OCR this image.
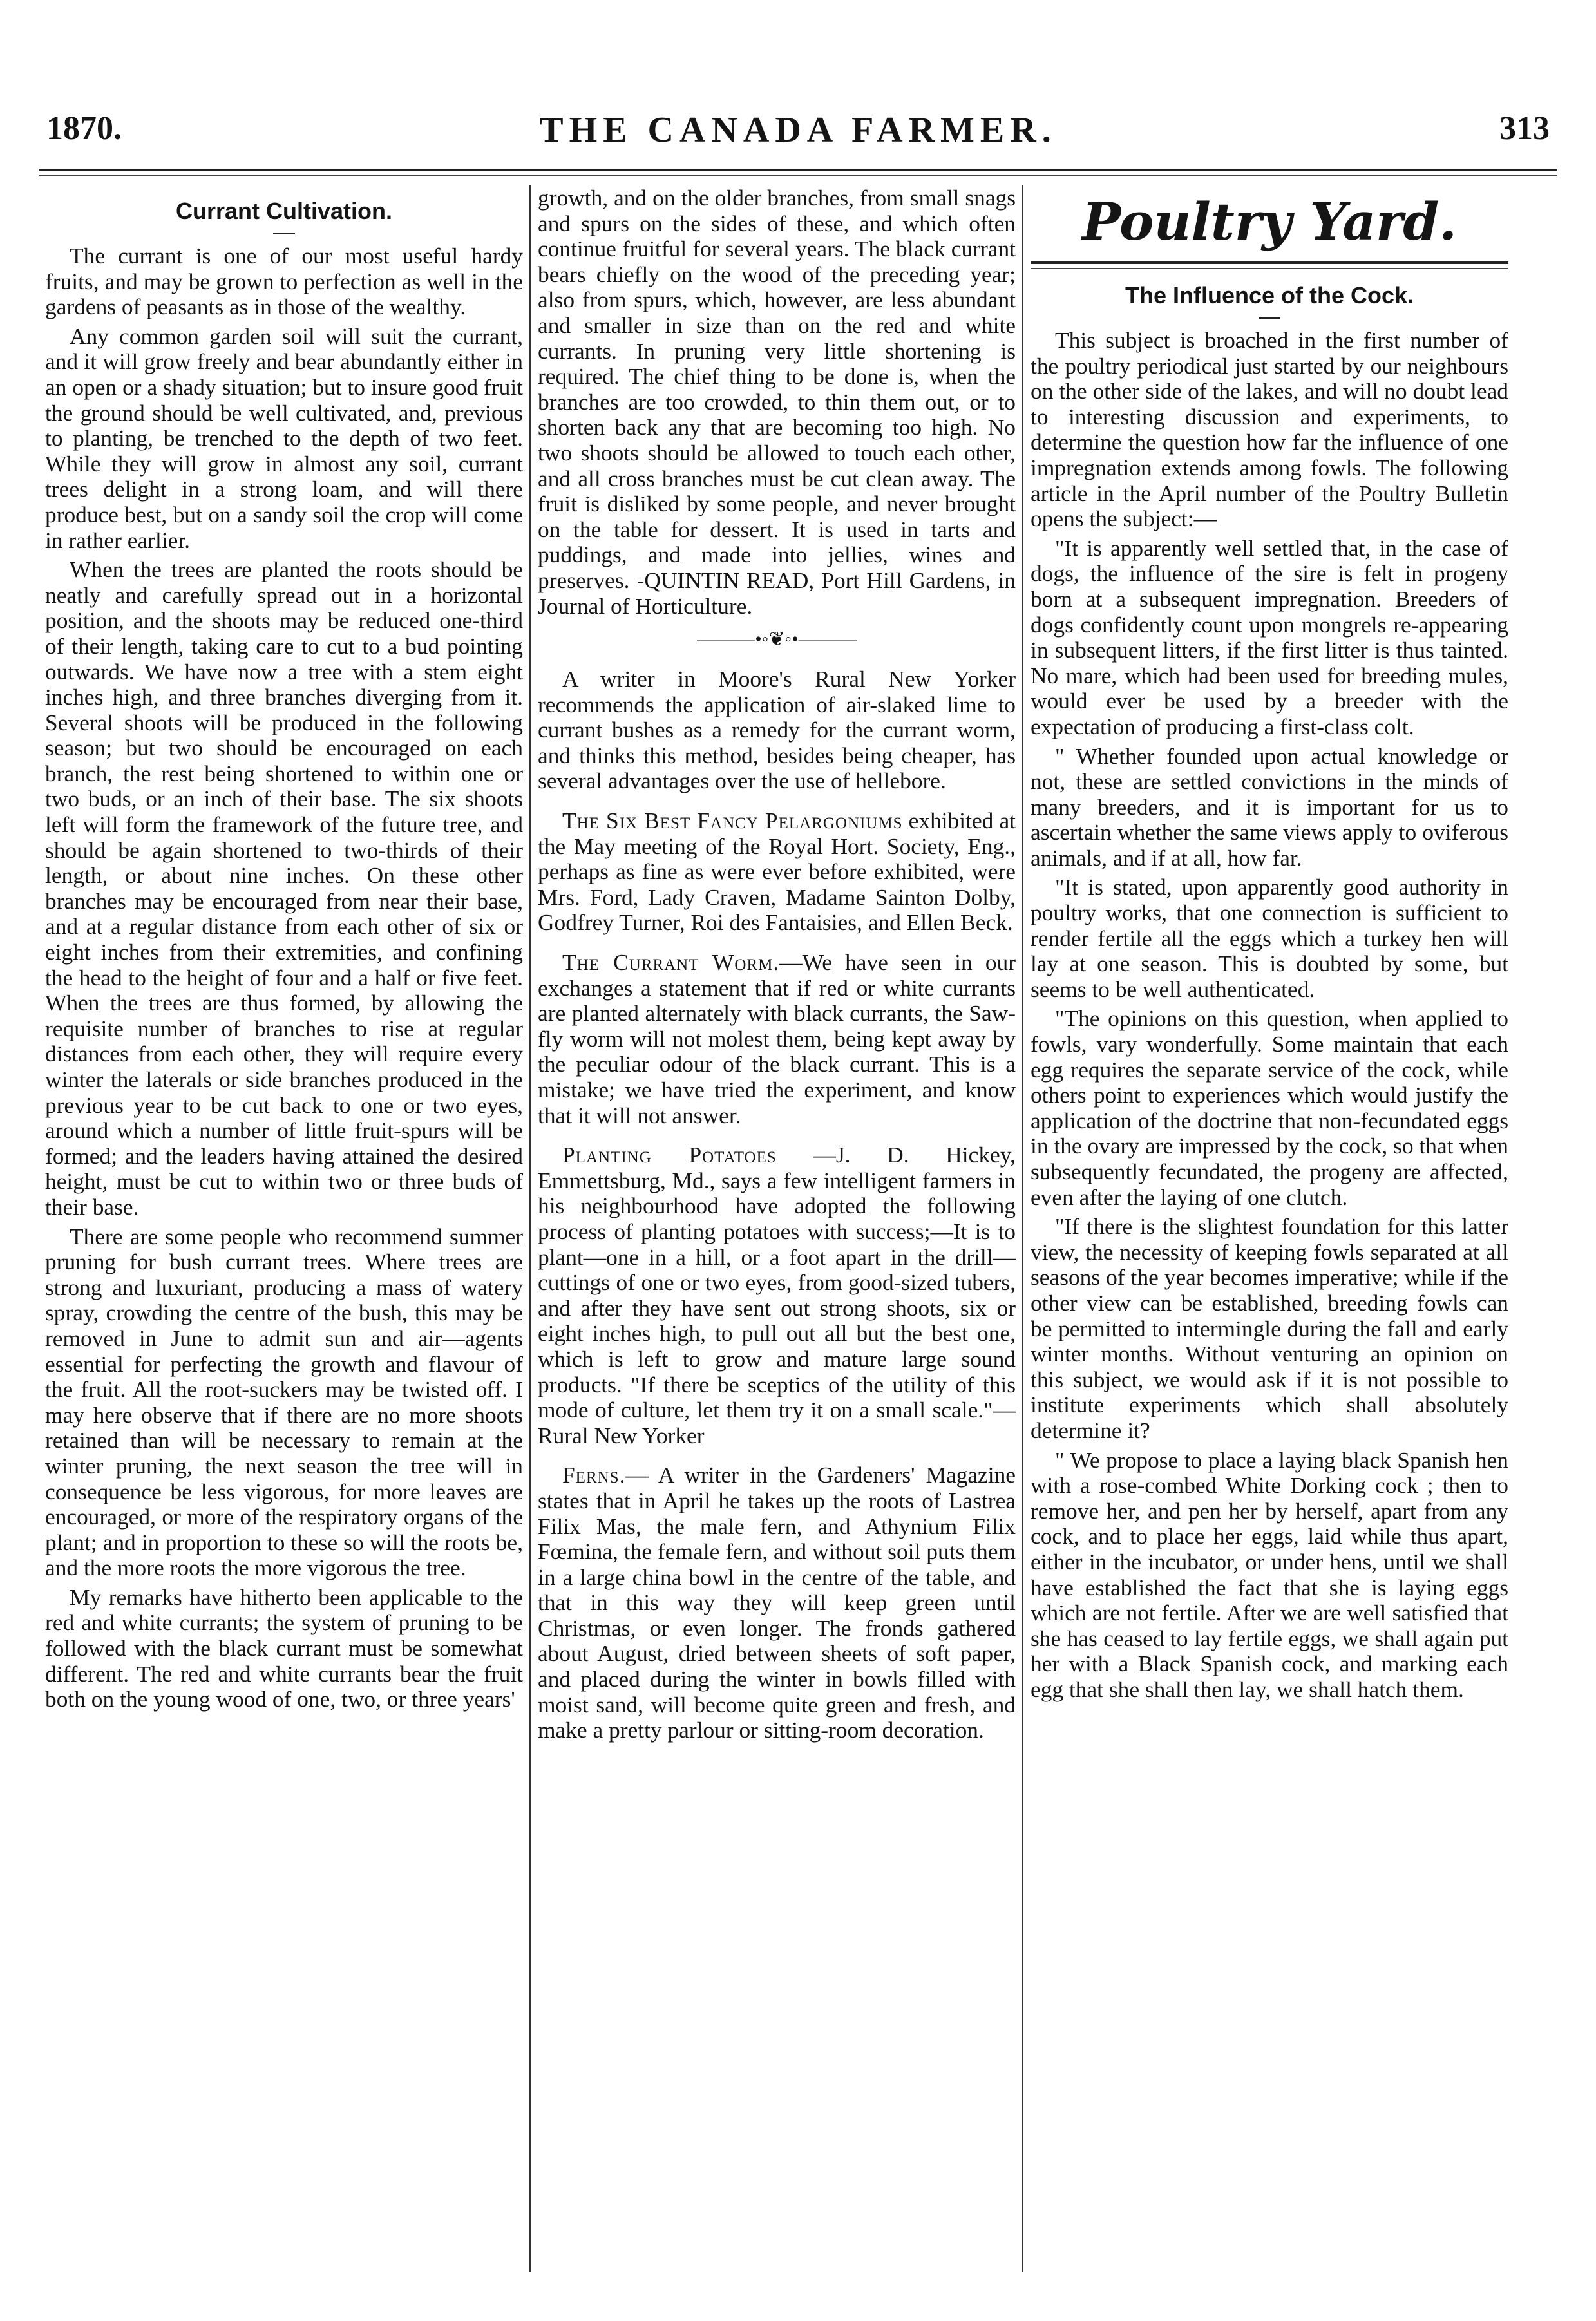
1870.	THE CANADA FARMER.	313
Currant Cultivation.

The currant is one of our most useful hardy fruits, and may be grown to perfection as well in the gardens of peasants as in those of the wealthy.

Any common garden soil will suit the currant, and it will grow freely and bear abundantly either in an open or a shady situation; but to insure good fruit the ground should be well cultivated, and, previous to planting, be trenched to the depth of two feet. While they will grow in almost any soil, currant trees delight in a strong loam, and will there produce best, but on a sandy soil the crop will come in rather earlier.

When the trees are planted the roots should be neatly and carefully spread out in a horizontal position, and the shoots may be reduced one-third of their length, taking care to cut to a bud pointing outwards. We have now a tree with a stem eight inches high, and three branches diverging from it. Several shoots will be produced in the following season; but two should be encouraged on each branch, the rest being shortened to within one or two buds, or an inch of their base. The six shoots left will form the framework of the future tree, and should be again shortened to two-thirds of their length, or about nine inches. On these other branches may be encouraged from near their base, and at a regular distance from each other of six or eight inches from their extremities, and confining the head to the height of four and a half or five feet. When the trees are thus formed, by allowing the requisite number of branches to rise at regular distances from each other, they will require every winter the laterals or side branches produced in the previous year to be cut back to one or two eyes, around which a number of little fruit-spurs will be formed; and the leaders having attained the desired height, must be cut to within two or three buds of their base.

There are some people who recommend summer pruning for bush currant trees. Where trees are strong and luxuriant, producing a mass of watery spray, crowding the centre of the bush, this may be removed in June to admit sun and air—agents essential for perfecting the growth and flavour of the fruit. All the root-suckers may be twisted off. I may here observe that if there are no more shoots retained than will be necessary to remain at the winter pruning, the next season the tree will in consequence be less vigorous, for more leaves are encouraged, or more of the respiratory organs of the plant; and in proportion to these so will the roots be, and the more roots the more vigorous the tree.

My remarks have hitherto been applicable to the red and white currants; the system of pruning to be followed with the black currant must be somewhat different. The red and white currants bear the fruit both on the young wood of one, two, or three years'

growth, and on the older branches, from small snags and spurs on the sides of these, and which often continue fruitful for several years. The black currant bears chiefly on the wood of the preceding year; also from spurs, which, however, are less abundant and smaller in size than on the red and white currants. In pruning very little shortening is required. The chief thing to be done is, when the branches are too crowded, to thin them out, or to shorten back any that are becoming too high. No two shoots should be allowed to touch each other, and all cross branches must be cut clean away. The fruit is disliked by some people, and never brought on the table for dessert. It is used in tarts and puddings, and made into jellies, wines and preserves. -QUINTIN READ, Port Hill Gardens, in Journal of Horticulture.

———•◦❦◦•———

A writer in Moore's Rural New Yorker recommends the application of air-slaked lime to currant bushes as a remedy for the currant worm, and thinks this method, besides being cheaper, has several advantages over the use of hellebore.

The Six Best Fancy Pelargoniums exhibited at the May meeting of the Royal Hort. Society, Eng., perhaps as fine as were ever before exhibited, were Mrs. Ford, Lady Craven, Madame Sainton Dolby, Godfrey Turner, Roi des Fantaisies, and Ellen Beck.

The Currant Worm.—We have seen in our exchanges a statement that if red or white currants are planted alternately with black currants, the Saw-fly worm will not molest them, being kept away by the peculiar odour of the black currant. This is a mistake; we have tried the experiment, and know that it will not answer.

Planting Potatoes —J. D. Hickey, Emmettsburg, Md., says a few intelligent farmers in his neighbourhood have adopted the following process of planting potatoes with success;—It is to plant—one in a hill, or a foot apart in the drill—cuttings of one or two eyes, from good-sized tubers, and after they have sent out strong shoots, six or eight inches high, to pull out all but the best one, which is left to grow and mature large sound products. "If there be sceptics of the utility of this mode of culture, let them try it on a small scale."—Rural New Yorker

Ferns.— A writer in the Gardeners' Magazine states that in April he takes up the roots of Lastrea Filix Mas, the male fern, and Athynium Filix Fœmina, the female fern, and without soil puts them in a large china bowl in the centre of the table, and that in this way they will keep green until Christmas, or even longer. The fronds gathered about August, dried between sheets of soft paper, and placed during the winter in bowls filled with moist sand, will become quite green and fresh, and make a pretty parlour or sitting-room decoration.

Poultry Yard.
The Influence of the Cock.

This subject is broached in the first number of the poultry periodical just started by our neighbours on the other side of the lakes, and will no doubt lead to interesting discussion and experiments, to determine the question how far the influence of one impregnation extends among fowls. The following article in the April number of the Poultry Bulletin opens the subject:—

"It is apparently well settled that, in the case of dogs, the influence of the sire is felt in progeny born at a subsequent impregnation. Breeders of dogs confidently count upon mongrels re-appearing in subsequent litters, if the first litter is thus tainted. No mare, which had been used for breeding mules, would ever be used by a breeder with the expectation of producing a first-class colt.

" Whether founded upon actual knowledge or not, these are settled convictions in the minds of many breeders, and it is important for us to ascertain whether the same views apply to oviferous animals, and if at all, how far.

"It is stated, upon apparently good authority in poultry works, that one connection is sufficient to render fertile all the eggs which a turkey hen will lay at one season. This is doubted by some, but seems to be well authenticated.

"The opinions on this question, when applied to fowls, vary wonderfully. Some maintain that each egg requires the separate service of the cock, while others point to experiences which would justify the application of the doctrine that non-fecundated eggs in the ovary are impressed by the cock, so that when subsequently fecundated, the progeny are affected, even after the laying of one clutch.

"If there is the slightest foundation for this latter view, the necessity of keeping fowls separated at all seasons of the year becomes imperative; while if the other view can be established, breeding fowls can be permitted to intermingle during the fall and early winter months. Without venturing an opinion on this subject, we would ask if it is not possible to institute experiments which shall absolutely determine it?

" We propose to place a laying black Spanish hen with a rose-combed White Dorking cock ; then to remove her, and pen her by herself, apart from any cock, and to place her eggs, laid while thus apart, either in the incubator, or under hens, until we shall have established the fact that she is laying eggs which are not fertile. After we are well satisfied that she has ceased to lay fertile eggs, we shall again put her with a Black Spanish cock, and marking each egg that she shall then lay, we shall hatch them.
